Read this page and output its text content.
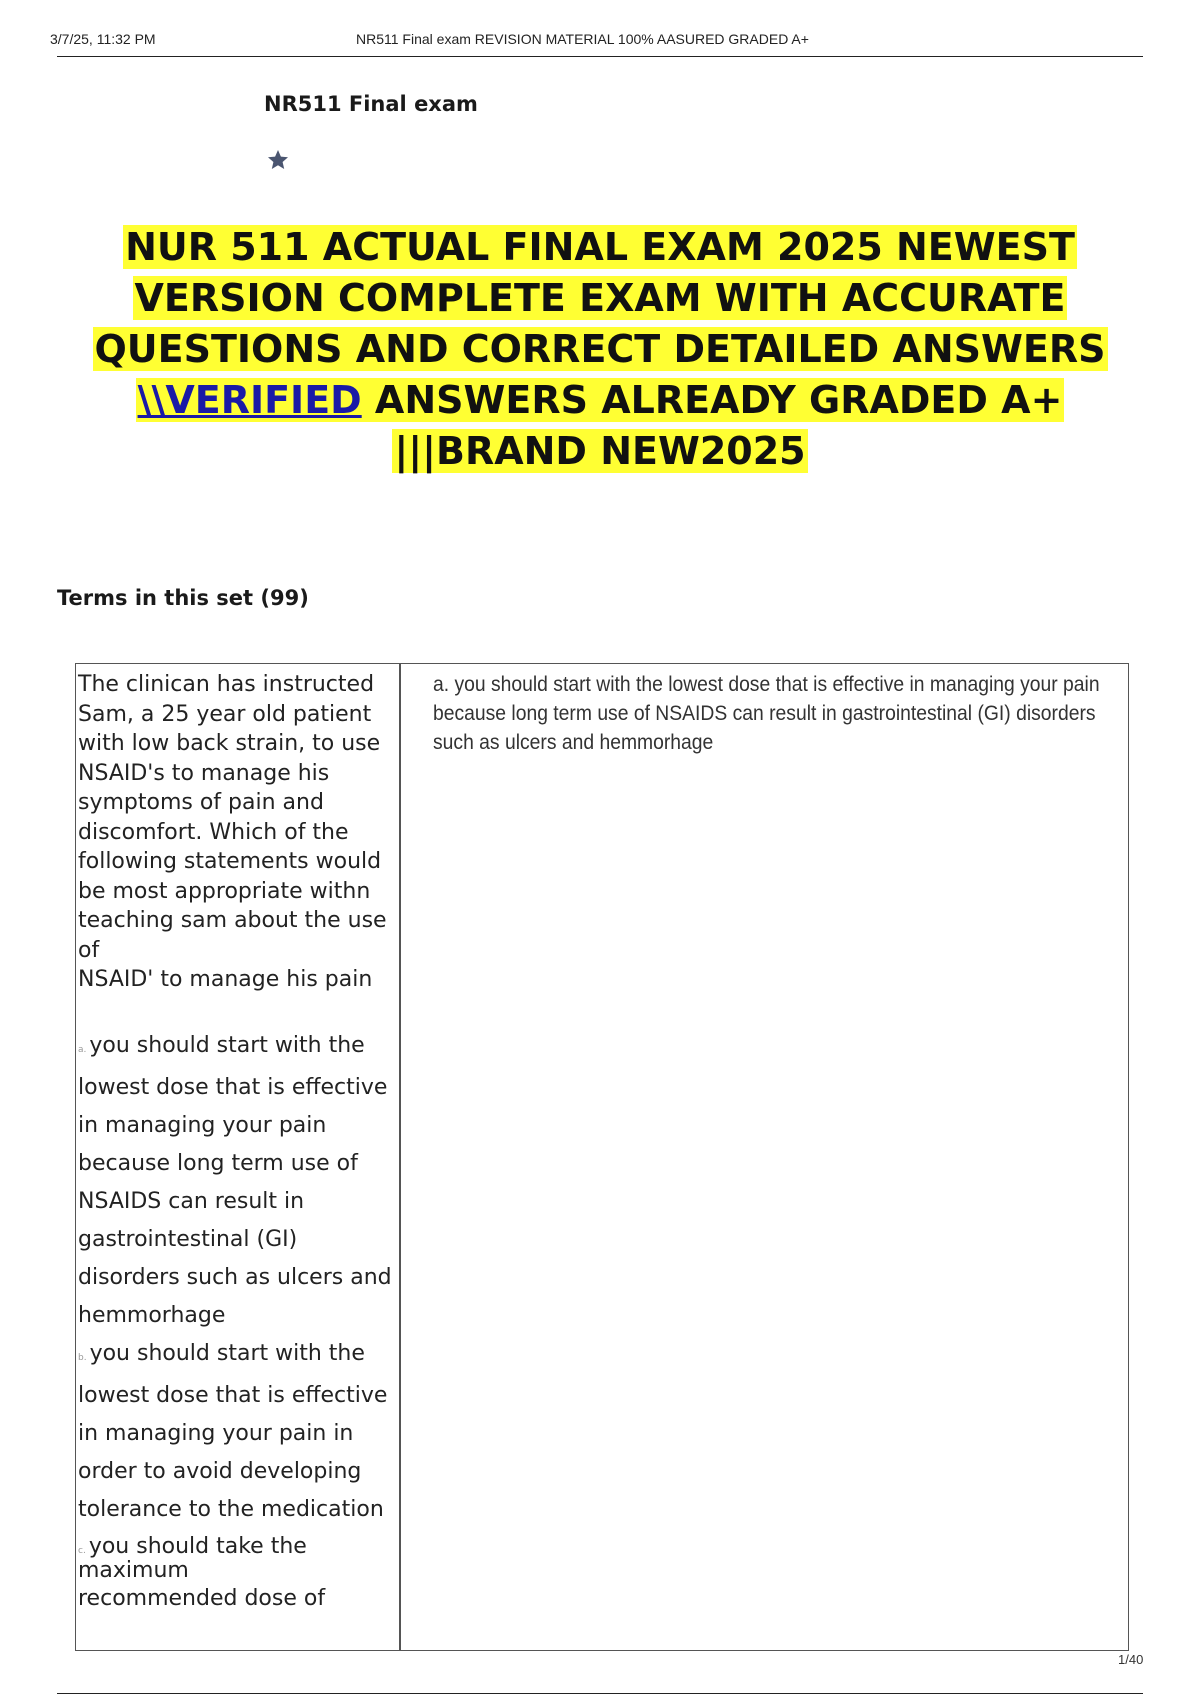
3/7/25, 11:32 PM	NR511 Final exam REVISION MATERIAL 100% AASURED GRADED A+
NR511 Final exam
NUR 511 ACTUAL FINAL EXAM 2025 NEWEST VERSION COMPLETE EXAM WITH ACCURATE QUESTIONS AND CORRECT DETAILED ANSWERS \\VERIFIED ANSWERS ALREADY GRADED A+ |||BRAND NEW2025
Terms in this set (99)
The clinican has instructed
Sam, a 25 year old patient
with low back strain, to use
NSAID's to manage his
symptoms of pain and
discomfort. Which of the
following statements would
be most appropriate withn
teaching sam about the use
of
NSAID' to manage his pain
a. you should start with the lowest dose that is effective in managing your pain because long term use of NSAIDS can result in gastrointestinal (GI) disorders such as ulcers and hemmorhage
b. you should start with the lowest dose that is effective in managing your pain in order to avoid developing tolerance to the medication
c. you should take the maximum
recommended dose of
a. you should start with the lowest dose that is effective in managing your pain because long term use of NSAIDS can result in gastrointestinal (GI) disorders such as ulcers and hemmorhage
1/40
